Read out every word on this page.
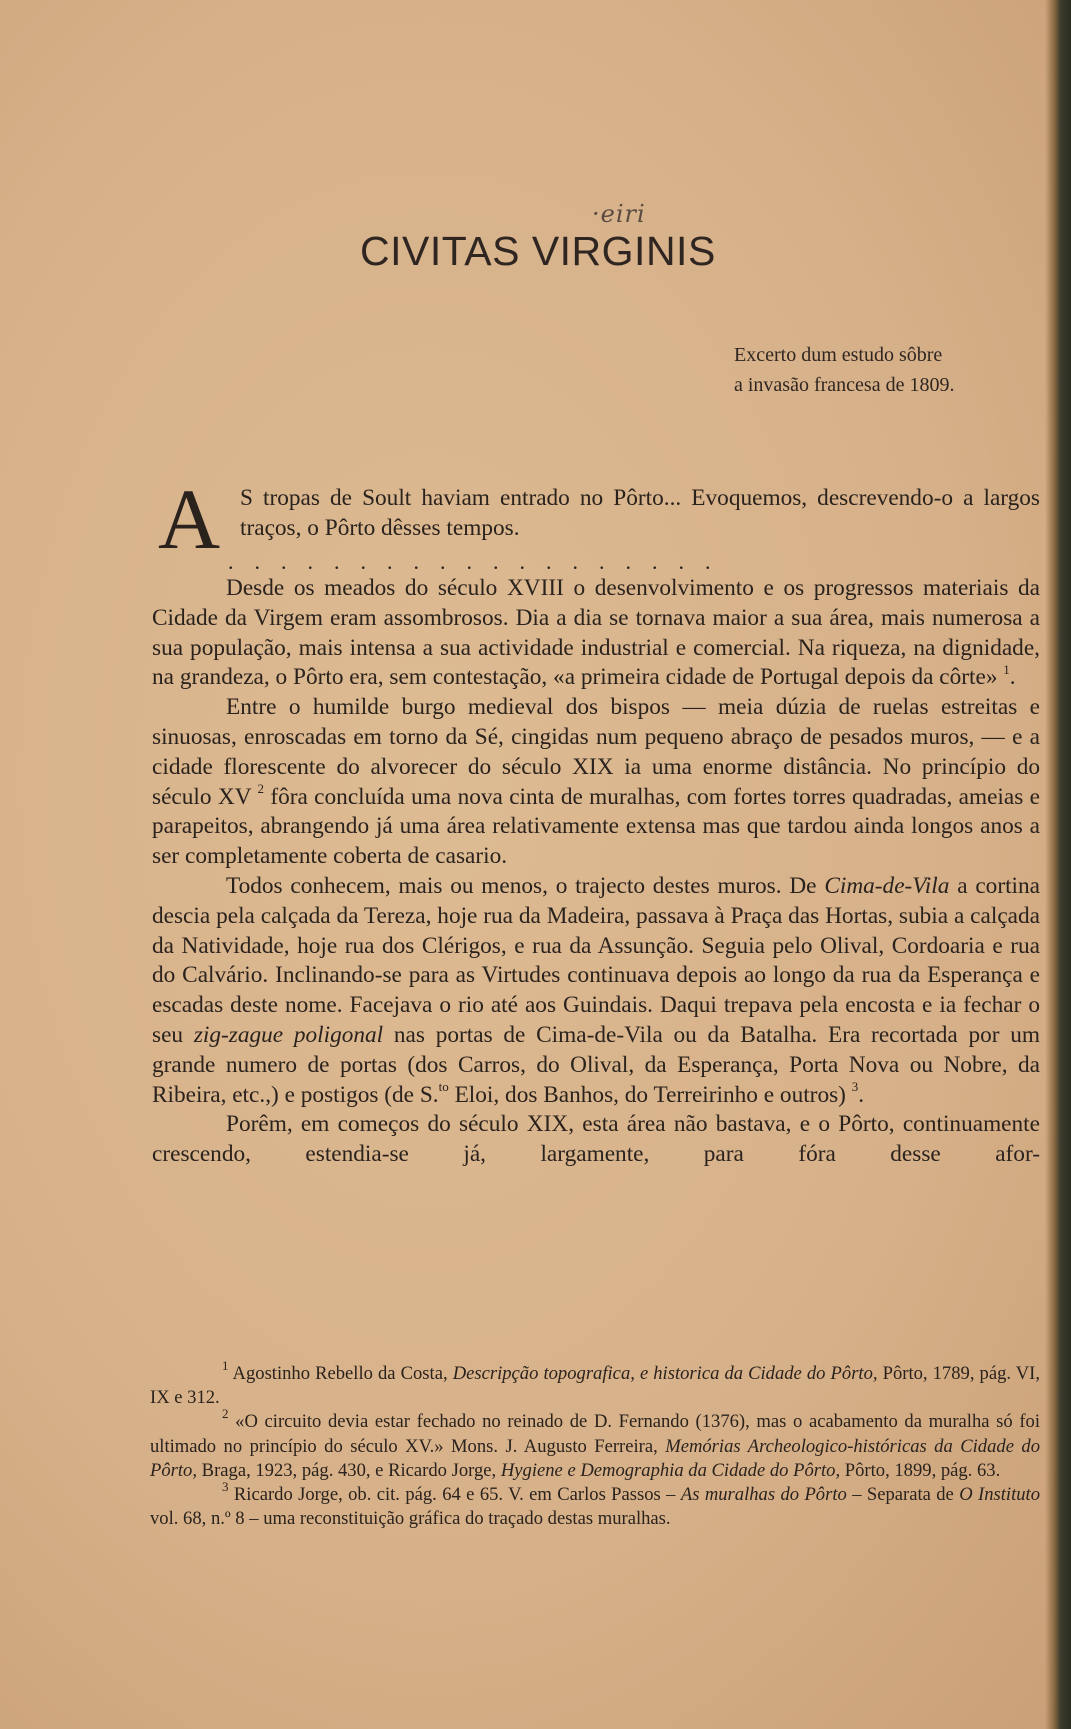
·eiri
CIVITAS VIRGINIS
Excerto dum estudo sôbre
a invasão francesa de 1809.
A S tropas de Soult haviam entrado no Pôrto... Evoquemos, descrevendo-o a largos traços, o Pôrto dêsses tempos.

...................

Desde os meados do século XVIII o desenvolvimento e os progressos materiais da Cidade da Virgem eram assombrosos. Dia a dia se tornava maior a sua área, mais numerosa a sua população, mais intensa a sua actividade industrial e comercial. Na riqueza, na dignidade, na grandeza, o Pôrto era, sem contestação, «a primeira cidade de Portugal depois da côrte» $^1$.

Entre o humilde burgo medieval dos bispos — meia dúzia de ruelas estreitas e sinuosas, enroscadas em torno da Sé, cingidas num pequeno abraço de pesados muros, — e a cidade florescente do alvorecer do século XIX ia uma enorme distância. No princípio do século XV $^2$ fôra concluída uma nova cinta de muralhas, com fortes torres quadradas, ameias e parapeitos, abrangendo já uma área relativamente extensa mas que tardou ainda longos anos a ser completamente coberta de casario.

Todos conhecem, mais ou menos, o trajecto destes muros. De Cima-de-Vila a cortina descia pela calçada da Tereza, hoje rua da Madeira, passava à Praça das Hortas, subia a calçada da Natividade, hoje rua dos Clérigos, e rua da Assunção. Seguia pelo Olival, Cordoaria e rua do Calvário. Inclinando-se para as Virtudes continuava depois ao longo da rua da Esperança e escadas deste nome. Facejava o rio até aos Guindais. Daqui trepava pela encosta e ia fechar o seu zig-zague poligonal nas portas de Cima-de-Vila ou da Batalha. Era recortada por um grande numero de portas (dos Carros, do Olival, da Esperança, Porta Nova ou Nobre, da Ribeira, etc.,) e postigos (de S.$^{to}$ Eloi, dos Banhos, do Terreirinho e outros) $^3$.

Porêm, em começos do século XIX, esta área não bastava, e o Pôrto, continuamente crescendo, estendia-se já, largamente, para fóra desse afor-

$^1$ Agostinho Rebello da Costa, Descripção topografica, e historica da Cidade do Pôrto, Pôrto, 1789, pág. VI, IX e 312.

$^2$ «O circuito devia estar fechado no reinado de D. Fernando (1376), mas o acabamento da muralha só foi ultimado no princípio do século XV.» Mons. J. Augusto Ferreira, Memórias Archeologico-históricas da Cidade do Pôrto, Braga, 1923, pág. 430, e Ricardo Jorge, Hygiene e Demographia da Cidade do Pôrto, Pôrto, 1899, pág. 63.

$^3$ Ricardo Jorge, ob. cit. pág. 64 e 65. V. em Carlos Passos – As muralhas do Pôrto – Separata de O Instituto vol. 68, n.º 8 – uma reconstituição gráfica do traçado destas muralhas.
